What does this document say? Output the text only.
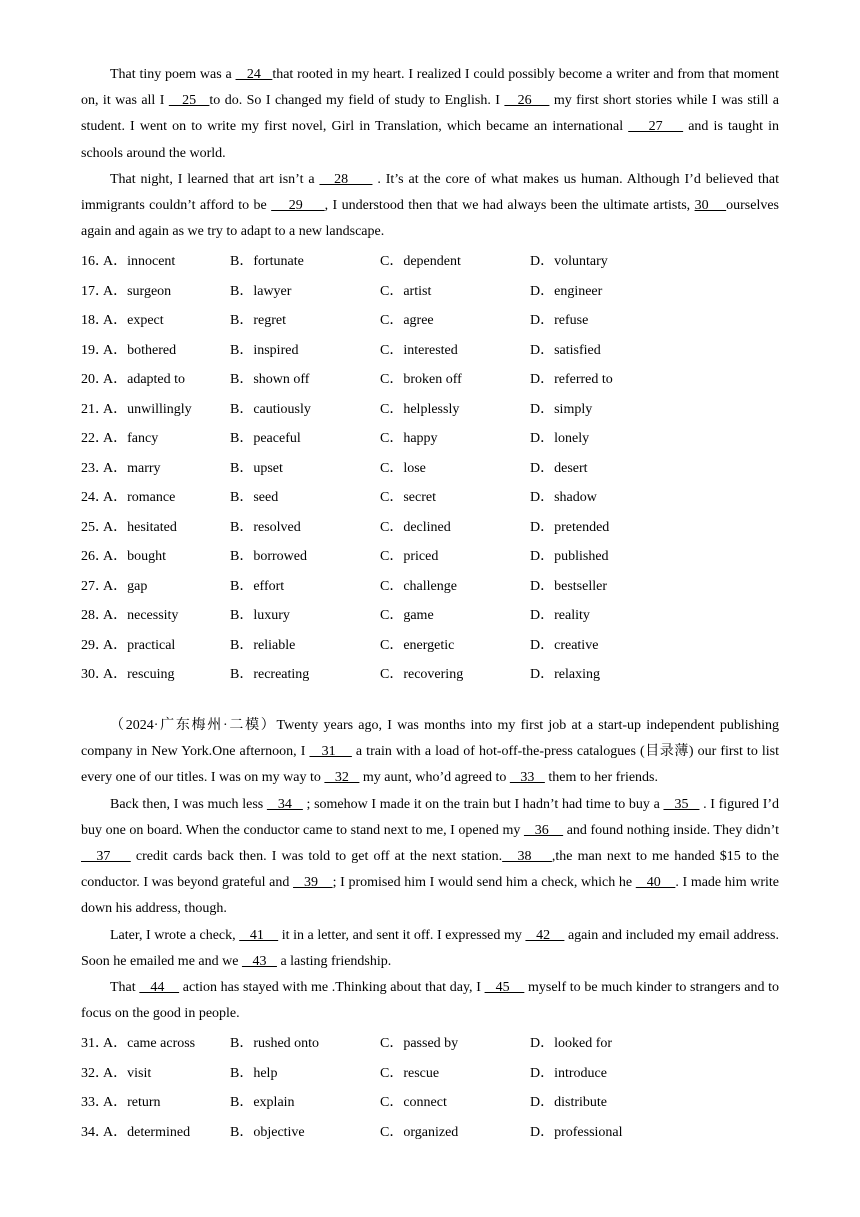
That tiny poem was a    24   that rooted in my heart. I realized I could possibly become a writer and from that moment on, it was all I    25   to do. So I changed my field of study to English. I    26     my first short stories while I was still a student. I went on to write my first novel, Girl in Translation, which became an international     27     and is taught in schools around the world.

That night, I learned that art isn’t a    28      . It’s at the core of what makes us human. Although I’d believed that immigrants couldn’t afford to be     29     , I understood then that we had always been the ultimate artists, 30    ourselves again and again as we try to adapt to a new landscape.

16．
A．innocent	B．fortunate	C．dependent	D．voluntary
17．
A．surgeon	B．lawyer	C．artist	D．engineer
18．
A．expect	B．regret	C．agree	D．refuse
19．
A．bothered	B．inspired	C．interested	D．satisfied
20．
A．adapted to	B．shown off	C．broken off	D．referred to
21．
A．unwillingly	B．cautiously	C．helplessly	D．simply
22．
A．fancy	B．peaceful	C．happy	D．lonely
23．
A．marry	B．upset	C．lose	D．desert
24．
A．romance	B．seed	C．secret	D．shadow
25．
A．hesitated	B．resolved	C．declined	D．pretended
26．
A．bought	B．borrowed	C．priced	D．published
27．
A．gap	B．effort	C．challenge	D．bestseller
28．
A．necessity	B．luxury	C．game	D．reality
29．
A．practical	B．reliable	C．energetic	D．creative
30．
A．rescuing	B．recreating	C．recovering	D．relaxing

（2024·广东梅州·二模）Twenty years ago, I was months into my first job at a start-up independent publishing company in New York.One afternoon, I    31     a train with a load of hot-off-the-press catalogues (目录薄) our first to list every one of our titles. I was on my way to    32    my aunt, who’d agreed to    33    them to her friends.

Back then, I was much less    34    ; somehow I made it on the train but I hadn’t had time to buy a    35    . I figured I’d buy one on board. When the conductor came to stand next to me, I opened my    36     and found nothing inside. They didn’t    37     credit cards back then. I was told to get off at the next station.   38    ,the man next to me handed $15 to the conductor. I was beyond grateful and    39    ; I promised him I would send him a check, which he    40    . I made him write down his address, though.

Later, I wrote a check,    41     it in a letter, and sent it off. I expressed my    42     again and included my email address. Soon he emailed me and we    43    a lasting friendship.

That    44     action has stayed with me .Thinking about that day, I    45     myself to be much kinder to strangers and to focus on the good in people.

31．
A．came across B．rushed onto	C．passed by	D．looked for
32．
A．visit	B．help	C．rescue	D．introduce
33．
A．return	B．explain	C．connect	D．distribute
34．
A．determined	B．objective	C．organized	D．professional
